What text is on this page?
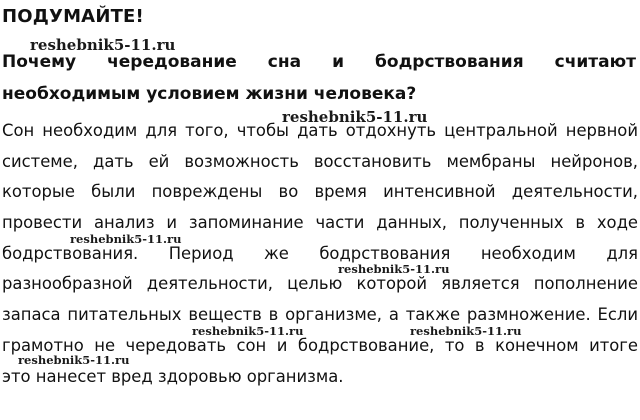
ПОДУМАЙТЕ!
Почему чередование сна и бодрствования считают
необходимым условием жизни человека?
Сон необходим для того, чтобы дать отдохнуть центральной нервной
системе, дать ей возможность восстановить мембраны нейронов,
которые были повреждены во время интенсивной деятельности,
провести анализ и запоминание части данных, полученных в ходе
бодрствования. Период же бодрствования необходим для
разнообразной деятельности, целью которой является пополнение
запаса питательных веществ в организме, а также размножение. Если
грамотно не чередовать сон и бодрствование, то в конечном итоге
это нанесет вред здоровью организма.
reshebnik5-11.ru
reshebnik5-11.ru
reshebnik5-11.ru
reshebnik5-11.ru
reshebnik5-11.ru	reshebnik5-11.ru
reshebnik5-11.ru
